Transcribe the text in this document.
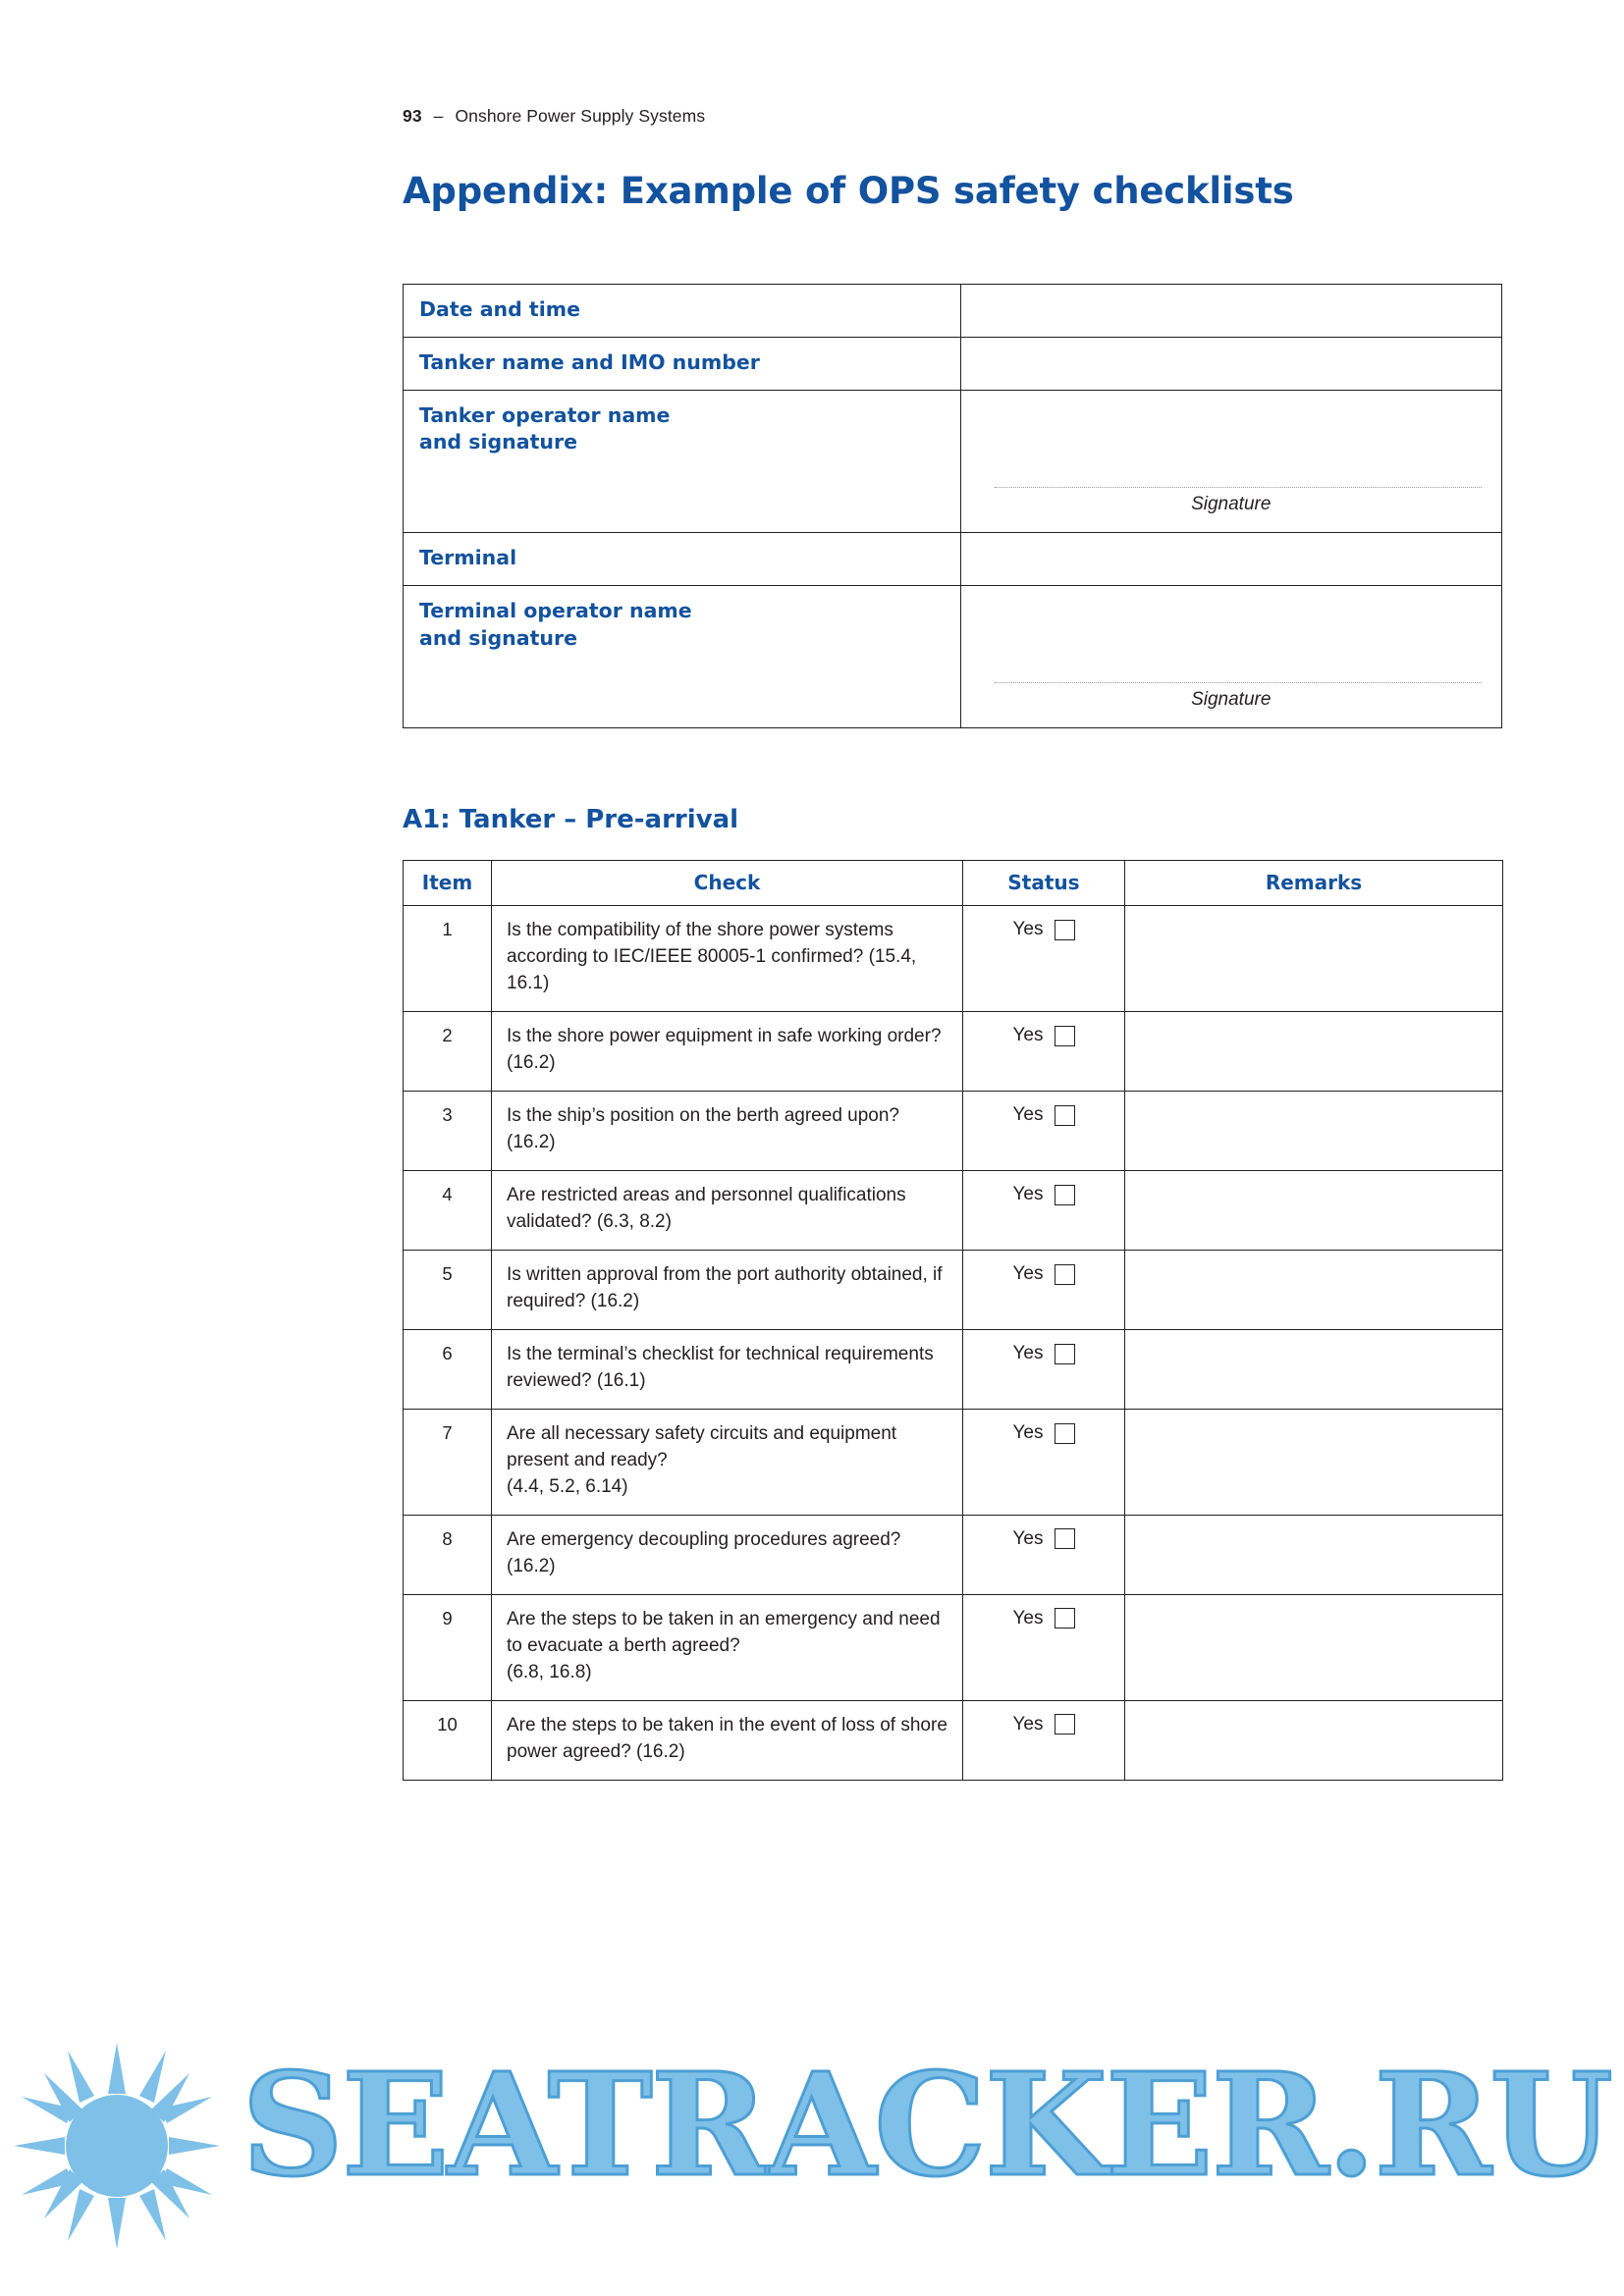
93 – Onshore Power Supply Systems
Appendix: Example of OPS safety checklists
Date and time	

Tanker name and IMO number	

Tanker operator name
and signature	Signature

Terminal	

Terminal operator name
and signature	Signature
A1: Tanker – Pre-arrival
Item	Check	Status	Remarks
1	Is the compatibility of the shore power systems according to IEC/IEEE 80005-1 confirmed? (15.4, 16.1)	Yes	

2	Is the shore power equipment in safe working order? (16.2)	Yes	

3	Is the ship’s position on the berth agreed upon? (16.2)	Yes	

4	Are restricted areas and personnel qualifications validated? (6.3, 8.2)	Yes	

5	Is written approval from the port authority obtained, if required? (16.2)	Yes	

6	Is the terminal’s checklist for technical requirements reviewed? (16.1)	Yes	

7	Are all necessary safety circuits and equipment present and ready?
(4.4, 5.2, 6.14)	Yes	

8	Are emergency decoupling procedures agreed? (16.2)	Yes	

9	Are the steps to be taken in an emergency and need to evacuate a berth agreed?
(6.8, 16.8)	Yes	

10	Are the steps to be taken in the event of loss of shore power agreed? (16.2)	Yes	

SEATRACKER.RU
